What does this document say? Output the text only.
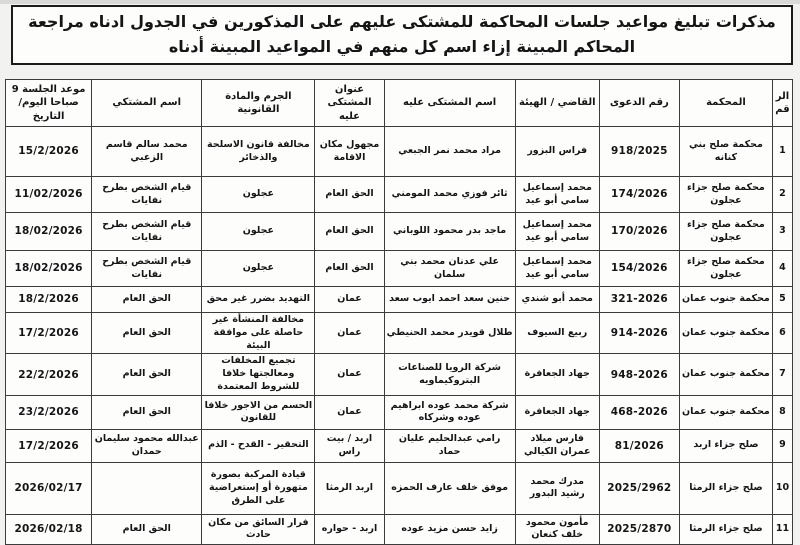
مذكرات تبليغ مواعيد جلسات المحاكمة للمشتكى عليهم على المذكورين في الجدول ادناه مراجعة المحاكم المبينة إزاء اسم كل منهم في المواعيد المبينة أدناه
الرقم	المحكمة	رقم الدعوى	القاضي / الهيئة	اسم المشتكى عليه	عنوان المشتكى عليه	الجرم والمادة القانونية	اسم المشتكي	موعد الجلسة 9 صباحا اليوم/التاريخ
1	محكمة صلح بني كنانه	918/2025	فراس البزور	مراد محمد نمر الجبعي	مجهول مكان الاقامة	مخالفة قانون الاسلحة والذخائر	محمد سالم قاسم الزعبي	15/2/2026
2	محكمة صلح جزاء عجلون	174/2026	محمد إسماعيل سامي أبو عيد	ثائر فوزي محمد المومني	الحق العام	عجلون	قيام الشخص بطرح نفايات	11/02/2026
3	محكمة صلح جزاء عجلون	170/2026	محمد إسماعيل سامي أبو عيد	ماجد بدر محمود اللوباني	الحق العام	عجلون	قيام الشخص بطرح نفايات	18/02/2026
4	محكمة صلح جزاء عجلون	154/2026	محمد إسماعيل سامي أبو عيد	علي عدنان محمد بني سلمان	الحق العام	عجلون	قيام الشخص بطرح نفايات	18/02/2026
5	محكمة جنوب عمان	321-2026	محمد أبو شندي	حنين سعد احمد ايوب سعد	عمان	التهديد بضرر غير محق	الحق العام	18/2/2026
6	محكمة جنوب عمان	914-2026	ربيع السيوف	طلال قويدر محمد الحنيطي	عمان	مخالفة المنشأة غير حاصلة على موافقة البيئة	الحق العام	17/2/2026
7	محكمة جنوب عمان	948-2026	جهاد الجعافرة	شركة الرويا للصناعات البتروكيماويه	عمان	تجميع المخلفات ومعالجتها خلافا للشروط المعتمدة	الحق العام	22/2/2026
8	محكمة جنوب عمان	468-2026	جهاد الجعافرة	شركة محمد عوده ابراهيم عوده وشركاه	عمان	الحسم من الاجور خلافا للقانون	الحق العام	23/2/2026
9	صلح جزاء اربد	81/2026	فارس ميلاد عمران الكيالي	رامي عبدالحليم عليان حماد	اربد / بيت راس	التحقير - القدح - الذم	عبدالله محمود سليمان حمدان	17/2/2026
10	صلح جزاء الرمثا	2025/2962	مدرك محمد رشيد البدور	موفق خلف عارف الحمزه	اربد الرمثا	قيادة المركبة بصورة متهورة أو إستعراضية على الطرق		2026/02/17
11	صلح جزاء الرمثا	2025/2870	مأمون محمود خلف كنعان	زايد حسن مزيد عوده	اربد - حواره	فرار السائق من مكان حادث	الحق العام	2026/02/18
